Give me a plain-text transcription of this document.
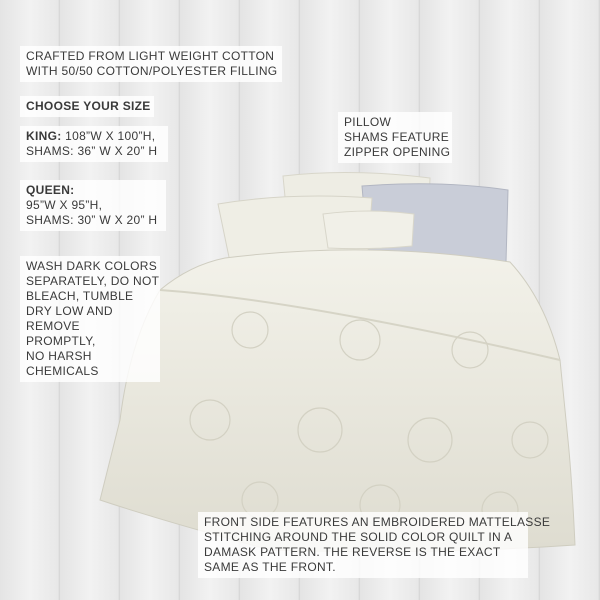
CRAFTED FROM LIGHT WEIGHT COTTON
WITH 50/50 COTTON/POLYESTER FILLING
CHOOSE YOUR SIZE
KING: 108”W X 100”H,
SHAMS: 36” W X 20” H
QUEEN:
95”W X 95”H,
SHAMS: 30” W X 20” H
WASH DARK COLORS
SEPARATELY, DO NOT
BLEACH, TUMBLE
DRY LOW AND
REMOVE
PROMPTLY,
NO HARSH
CHEMICALS
PILLOW
SHAMS FEATURE
ZIPPER OPENING
FRONT SIDE FEATURES AN EMBROIDERED MATTELASSE
STITCHING AROUND THE SOLID COLOR QUILT IN A
DAMASK PATTERN. THE REVERSE IS THE EXACT
SAME AS THE FRONT.
